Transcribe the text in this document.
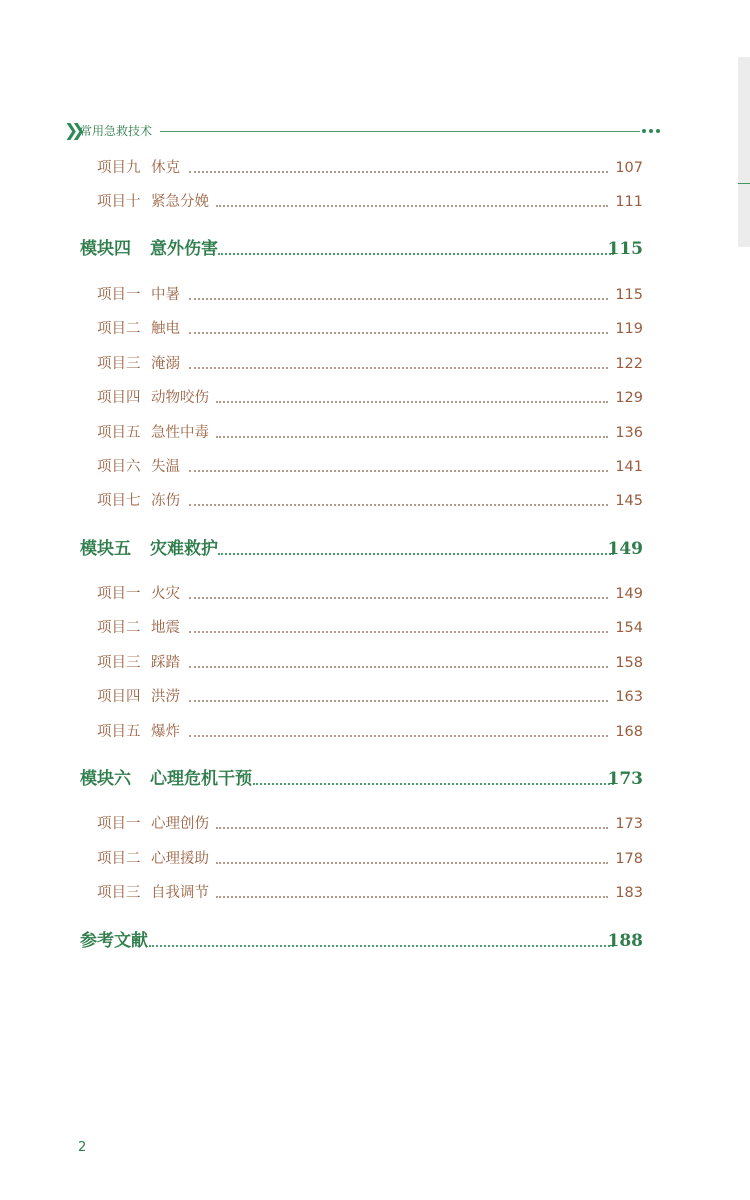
❯❯ 常用急救技术
项目九 休克	107
项目十 紧急分娩	111
模块四 意外伤害	115
项目一 中暑	115
项目二 触电	119
项目三 淹溺	122
项目四 动物咬伤	129
项目五 急性中毒	136
项目六 失温	141
项目七 冻伤	145
模块五 灾难救护	149
项目一 火灾	149
项目二 地震	154
项目三 踩踏	158
项目四 洪涝	163
项目五 爆炸	168
模块六 心理危机干预	173
项目一 心理创伤	173
项目二 心理援助	178
项目三 自我调节	183
参考文献	188
2
